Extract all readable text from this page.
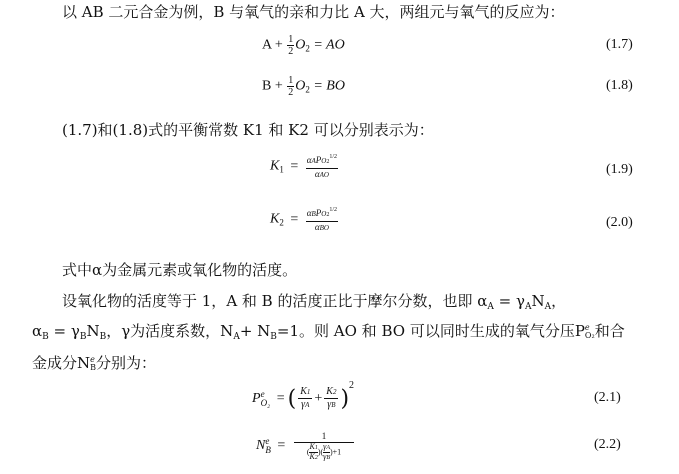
以 AB 二元合金为例，B 与氧气的亲和力比 A 大，两组元与氧气的反应为：
$A + \frac{1}{2} O_2$ = AO	(1.7)
$B + \frac{1}{2} O_2$ = BO	(1.8)
(1.7)和(1.8)式的平衡常数 K1 和 K2 可以分别表示为：
$K_1 = \frac{\alpha APO2^{1/2}}{\text{αAO}}$	(1.9)
$K_2 = \frac{\alpha BPO2^{1/2}}{\text{αBO}}$	(2.0)
式中α为金属元素或氧化物的活度。
设氧化物的活度等于 1，A 和 B 的活度正比于摩尔分数，也即 $\alpha_A = \gamma_AN_A$，
$\alpha_B = \gamma_BN_B$，γ为活度系数，$N_A+ N_B=1$。则 AO 和 BO 可以同时生成的氧气分压P e
O₂ 和合
金成分N e
B 分别为：
P e
O₂ = ( $\frac{K1}{\gamma A} + \frac{K2}{\gamma B} )^2$
(2.1)
N e
$B = \frac{1}{( \frac{K1}{K2} )( \frac{\gamma A}{\gamma B} )+1}$	(2.2)
